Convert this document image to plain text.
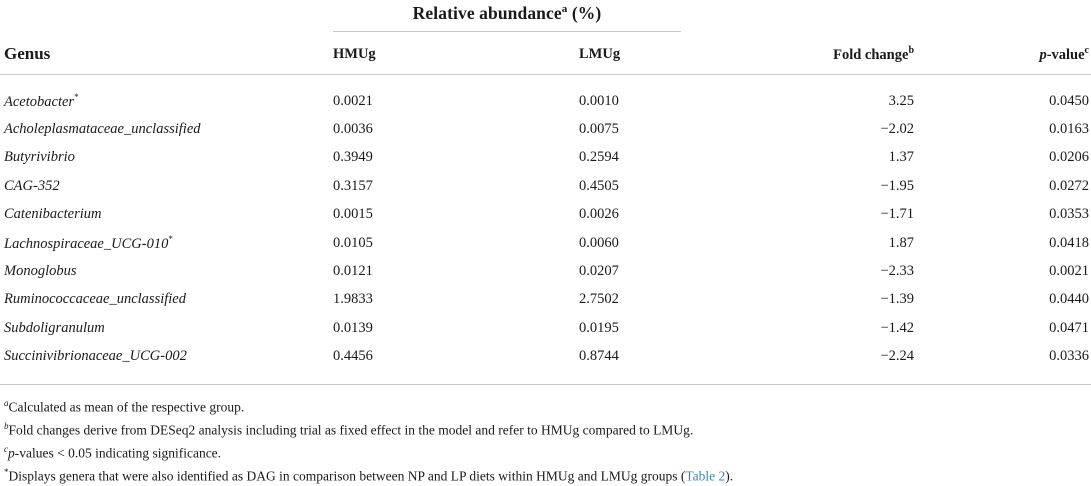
Relative abundance$^a$ (%)
Genus	HMUg	LMUg	Fold change$^b$	p-value$^c$
Acetobacter*	0.0021	0.0010	3.25	0.0450
Acholeplasmataceae_unclassified	0.0036	0.0075	−2.02	0.0163
Butyrivibrio	0.3949	0.2594	1.37	0.0206
CAG-352	0.3157	0.4505	−1.95	0.0272
Catenibacterium	0.0015	0.0026	−1.71	0.0353
Lachnospiraceae_UCG-010*	0.0105	0.0060	1.87	0.0418
Monoglobus	0.0121	0.0207	−2.33	0.0021
Ruminococcaceae_unclassified	1.9833	2.7502	−1.39	0.0440
Subdoligranulum	0.0139	0.0195	−1.42	0.0471
Succinivibrionaceae_UCG-002	0.4456	0.8744	−2.24	0.0336
$^a$Calculated as mean of the respective group.
$^b$Fold changes derive from DESeq2 analysis including trial as fixed effect in the model and refer to HMUg compared to LMUg.
$^c$p-values < 0.05 indicating significance.
*Displays genera that were also identified as DAG in comparison between NP and LP diets within HMUg and LMUg groups (Table 2).
